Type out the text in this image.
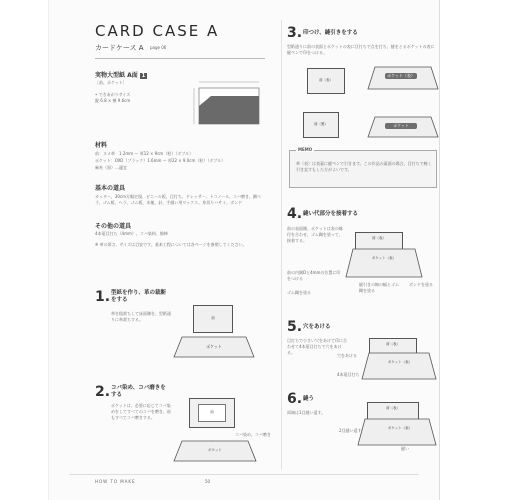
CARD CASE A
カードケース A page 06
実物大型紙 A面 1
［前、ポケット］
• できあがりサイズ
縦 6.8 × 横 9.6cm
材料
前：ヌメ革　1.2mm ～ 厚12 × 9cm（粒）（ダブル）
ポケット：OXO（ブラック）1.6mm ～ 厚22 × 9.0cm（粒）（ダブル）
麻糸（黒）…適宜
基本の道具
カッター、30cm方眼定規、ビニール板、目打ち、ドレッサー、トコノール、コバ磨き、鋼ベラ、ゴム板、ヘラ、ゴム板、木槌、針、手縫い用ワックス、糸切りハサミ、ボンド
その他の道具
4本菱目打ち（4mm）、コバ染料、綿棒
※ 革の厚さ、サイズは目安です。基本工程については各ページを参照してください。
1. 型紙を作り、革の裁断をする
革を粗裁ちして床面側を、型紙通りに革裁ちする。	前
ポケット
2. コバ染め、コバ磨きをする
ポケットは、必要に応じてコバ染めをしてすべてのコバを磨き、前もすべてコバ磨きする。
前
コバ染め、コバ磨き
ポケット
3. 印つけ、縫引きをする
型紙通りに前の表面とポケットの表に目打ちで点を打ち、縫をとるポケットの表に縫ペンで印をつける。
前（表）
ポケット（表）
前（裏）	ポケット
MEMO
革（表）は表裏に縫ペンで引きます。この作品の裏面の場合、目打ちで軽く引き直すもした方がよいです。
4. 縫い代部分を接着する
前の表面側、ポケットは表の縁付を合わせ、ゴム糊を塗って、接着する。	前（表）
ポケット（表）
前の内側Dと4mmの位置に印をつける
ゴム糊を塗る
縫引きの線の幅とゴム糊を塗る
ボンドを塗る
5. 穴をあける
目打ちで小さい穴をあけて印に合わせて4本菱目打ちで穴をあける。
前（表）
ポケット（表）
穴をあける
4本菱目打ち
6. 縫う
両端は1目縫い返す。
前（表）
ポケット（表）
2目縫い返す
縫い
HOW TO MAKE	50
